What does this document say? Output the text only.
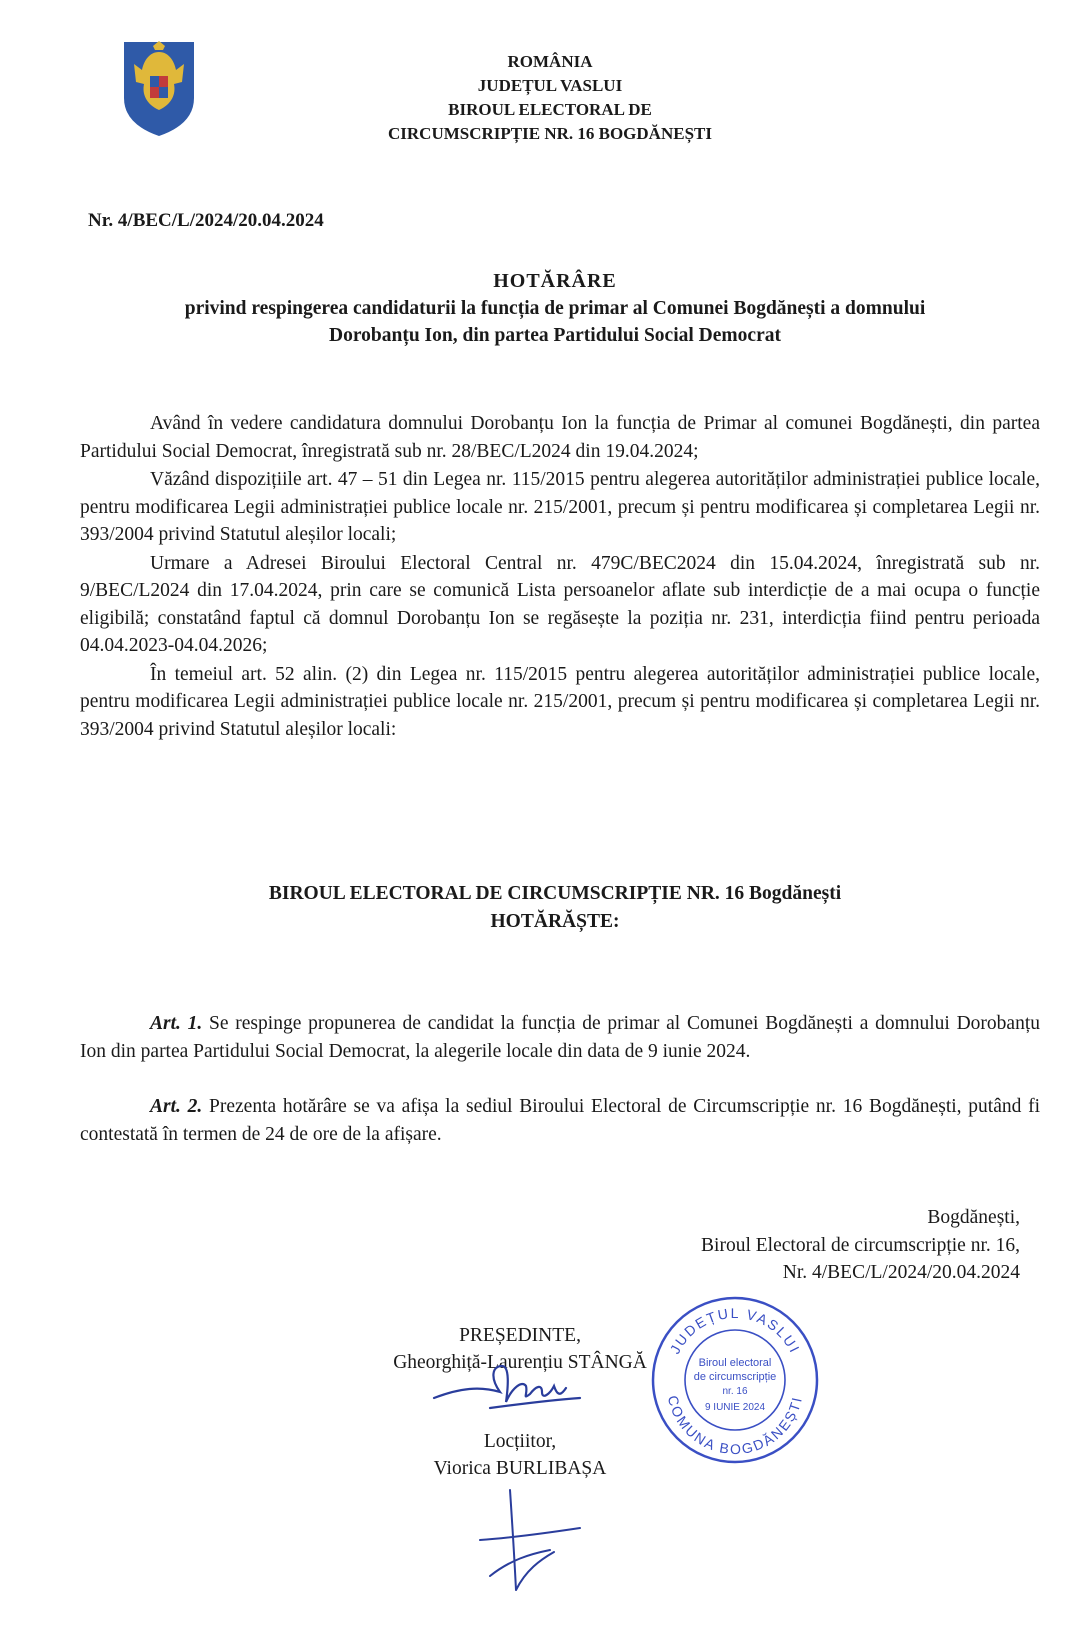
ROMÂNIA
JUDEȚUL VASLUI
BIROUL ELECTORAL DE
CIRCUMSCRIPȚIE NR. 16 BOGDĂNEȘTI
Nr. 4/BEC/L/2024/20.04.2024
HOTĂRÂRE
privind respingerea candidaturii la funcția de primar al Comunei Bogdănești a domnului
Dorobanțu Ion, din partea Partidului Social Democrat

Având în vedere candidatura domnului Dorobanțu Ion la funcția de Primar al comunei Bogdănești, din partea Partidului Social Democrat, înregistrată sub nr. 28/BEC/L2024 din 19.04.2024;

Văzând dispozițiile art. 47 – 51 din Legea nr. 115/2015 pentru alegerea autorităților administrației publice locale, pentru modificarea Legii administrației publice locale nr. 215/2001, precum și pentru modificarea și completarea Legii nr. 393/2004 privind Statutul aleșilor locali;

Urmare a Adresei Biroului Electoral Central nr. 479C/BEC2024 din 15.04.2024, înregistrată sub nr. 9/BEC/L2024 din 17.04.2024, prin care se comunică Lista persoanelor aflate sub interdicție de a mai ocupa o funcție eligibilă; constatând faptul că domnul Dorobanțu Ion se regăsește la poziția nr. 231, interdicția fiind pentru perioada 04.04.2023-04.04.2026;

În temeiul art. 52 alin. (2) din Legea nr. 115/2015 pentru alegerea autorităților administrației publice locale, pentru modificarea Legii administrației publice locale nr. 215/2001, precum și pentru modificarea și completarea Legii nr. 393/2004 privind Statutul aleșilor locali:

BIROUL ELECTORAL DE CIRCUMSCRIPȚIE NR. 16 Bogdănești
HOTĂRĂȘTE:

Art. 1. Se respinge propunerea de candidat la funcția de primar al Comunei Bogdănești a domnului Dorobanțu Ion din partea Partidului Social Democrat, la alegerile locale din data de 9 iunie 2024.

Art. 2. Prezenta hotărâre se va afișa la sediul Biroului Electoral de Circumscripție nr. 16 Bogdănești, putând fi contestată în termen de 24 de ore de la afișare.

Bogdănești,
Biroul Electoral de circumscripție nr. 16,
Nr. 4/BEC/L/2024/20.04.2024
PREȘEDINTE,
Gheorghiță-Laurențiu STÂNGĂ
Locțiitor,
Viorica BURLIBAȘA
JUDEȚUL VASLUI
COMUNA BOGDĂNEȘTI
Biroul electoral
de circumscripție
nr. 16
9 IUNIE 2024
